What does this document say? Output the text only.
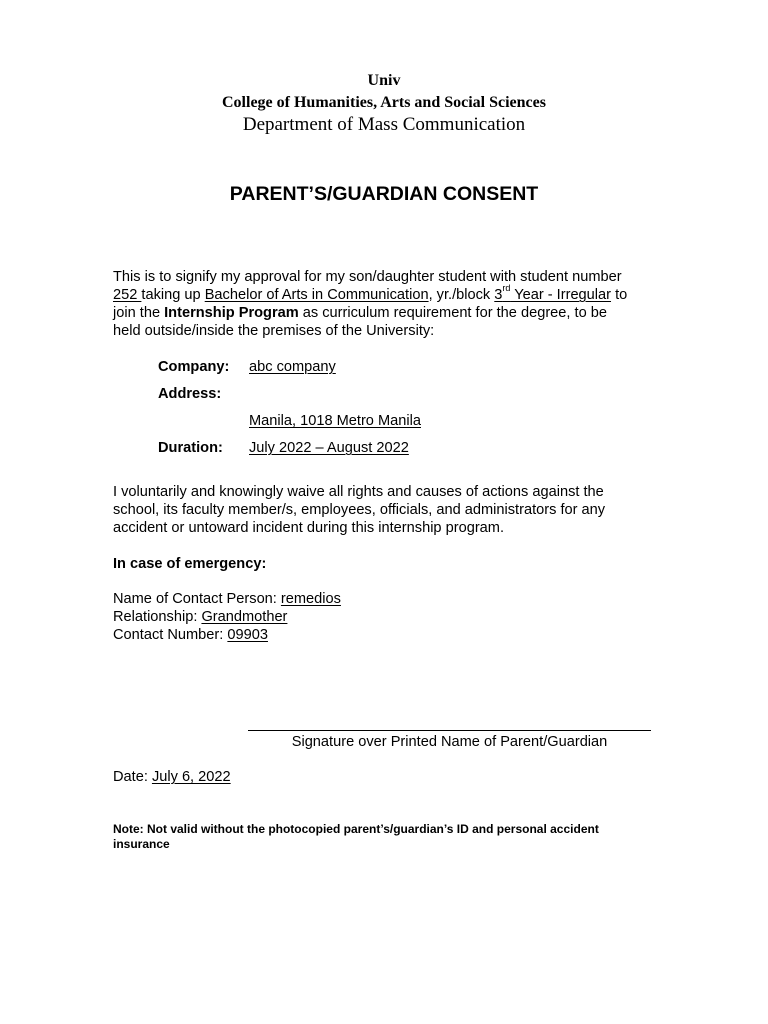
Univ
College of Humanities, Arts and Social Sciences
Department of Mass Communication
PARENT’S/GUARDIAN CONSENT
This is to signify my approval for my son/daughter student with student number
252 taking up Bachelor of Arts in Communication, yr./block 3rd Year - Irregular to
join the Internship Program as curriculum requirement for the degree, to be
held outside/inside the premises of the University:
Company: abc company
Address:
Manila, 1018 Metro Manila
Duration: July 2022 – August 2022
I voluntarily and knowingly waive all rights and causes of actions against the
school, its faculty member/s, employees, officials, and administrators for any
accident or untoward incident during this internship program.
In case of emergency:
Name of Contact Person: remedios
Relationship: Grandmother
Contact Number: 09903
Signature over Printed Name of Parent/Guardian
Date: July 6, 2022
Note: Not valid without the photocopied parent’s/guardian’s ID and personal accident
insurance
